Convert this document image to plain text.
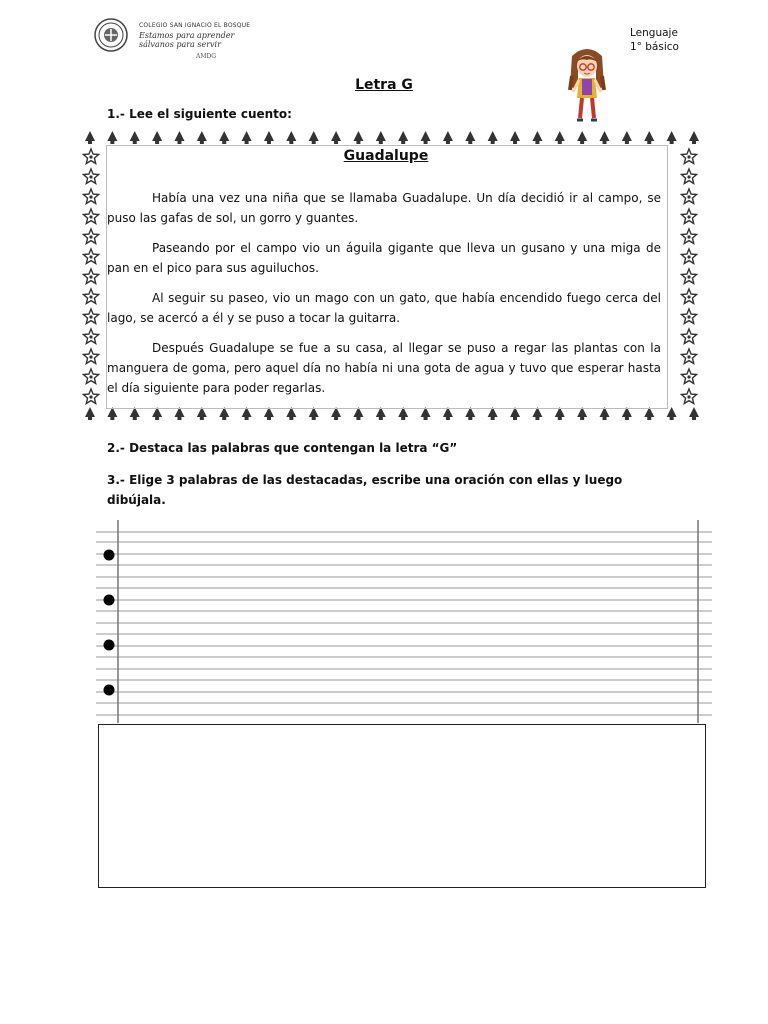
COLEGIO SAN IGNACIO EL BOSQUE
Estamos para aprender
sálvanos para servir
AMDG
Lenguaje
1° básico
Letra G
1.- Lee el siguiente cuento:
Guadalupe

Había una vez una niña que se llamaba Guadalupe. Un día decidió ir al campo, se puso las gafas de sol, un gorro y guantes.

Paseando por el campo vio un águila gigante que lleva un gusano y una miga de pan en el pico para sus aguiluchos.

Al seguir su paseo, vio un mago con un gato, que había encendido fuego cerca del lago, se acercó a él y se puso a tocar la guitarra.

Después Guadalupe se fue a su casa, al llegar se puso a regar las plantas con la manguera de goma, pero aquel día no había ni una gota de agua y tuvo que esperar hasta el día siguiente para poder regarlas.

2.- Destaca las palabras que contengan la letra “G”
3.- Elige 3 palabras de las destacadas, escribe una oración con ellas y luego dibújala.
